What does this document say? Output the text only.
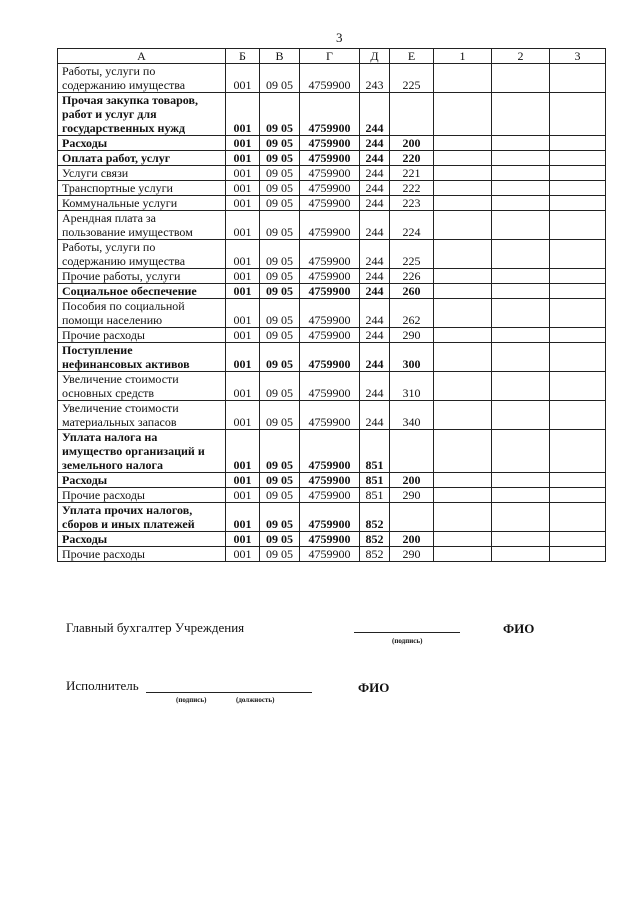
3
А	Б	В	Г	Д	Е	1	2	3

Работы, услуги по
содержанию имущества	001	09 05	4759900	243	225			

Прочая закупка товаров,
работ и услуг для
государственных нужд	001	09 05	4759900	244				

Расходы	001	09 05	4759900	244	200			

Оплата работ, услуг	001	09 05	4759900	244	220			

Услуги связи	001	09 05	4759900	244	221			

Транспортные услуги	001	09 05	4759900	244	222			

Коммунальные услуги	001	09 05	4759900	244	223			

Арендная плата за
пользование имуществом	001	09 05	4759900	244	224			

Работы, услуги по
содержанию имущества	001	09 05	4759900	244	225			

Прочие работы, услуги	001	09 05	4759900	244	226			

Социальное обеспечение	001	09 05	4759900	244	260			

Пособия по социальной
помощи населению	001	09 05	4759900	244	262			

Прочие расходы	001	09 05	4759900	244	290			

Поступление
нефинансовых активов	001	09 05	4759900	244	300			

Увеличение стоимости
основных средств	001	09 05	4759900	244	310			

Увеличение стоимости
материальных запасов	001	09 05	4759900	244	340			

Уплата налога на
имущество организаций и
земельного налога	001	09 05	4759900	851				

Расходы	001	09 05	4759900	851	200			

Прочие расходы	001	09 05	4759900	851	290			

Уплата прочих налогов,
сборов и иных платежей	001	09 05	4759900	852				

Расходы	001	09 05	4759900	852	200			

Прочие расходы	001	09 05	4759900	852	290			
Главный бухгалтер Учреждения
(подпись)
ФИО
Исполнитель
(подпись)	(должность)
ФИО
